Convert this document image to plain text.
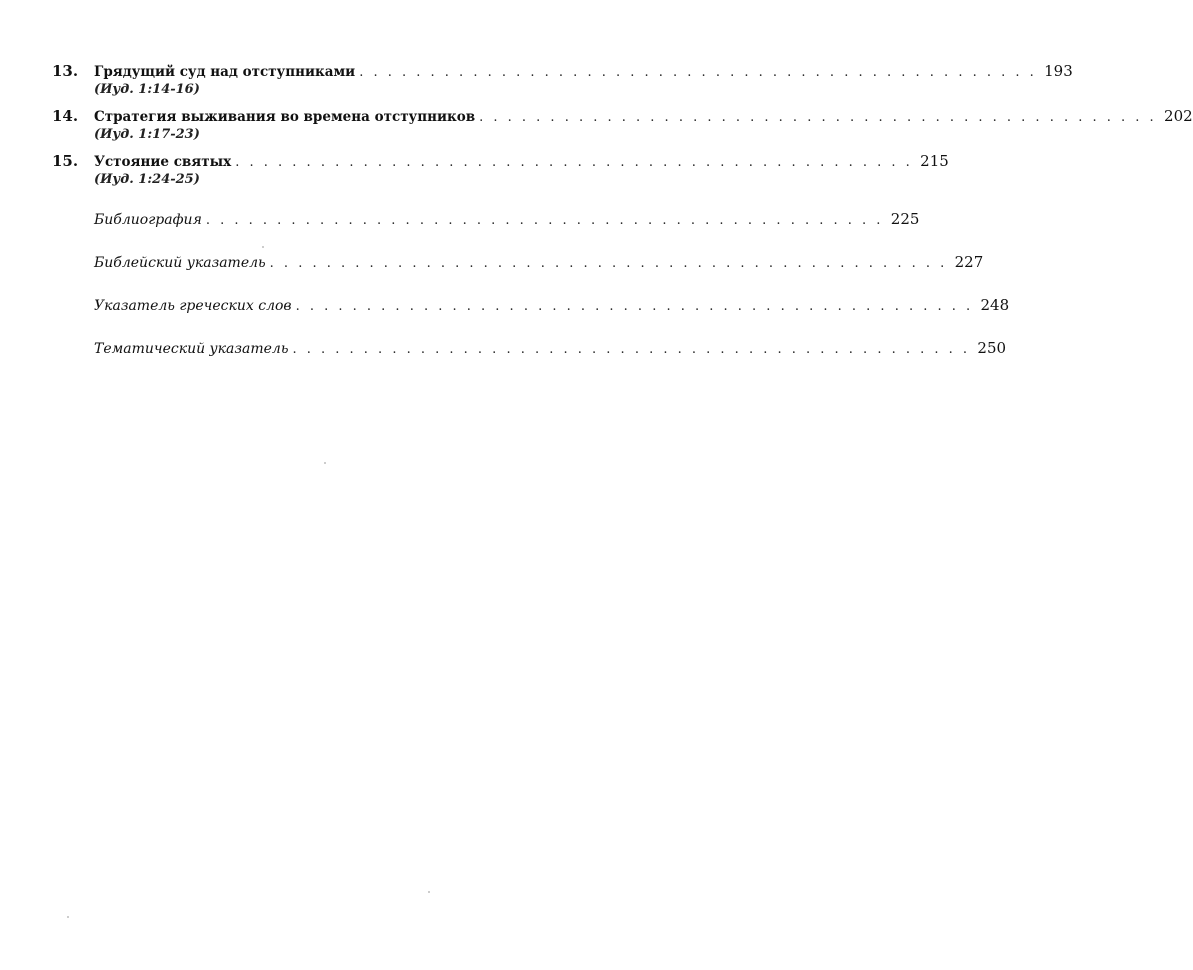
13.	Грядущий суд над отступниками . . . . . . . . . . . . . . . . . . . . . . . . . . . . . . . . . . . . . . . . . . . . . . . . 193
(Иуд. 1:14-16)
14.	Стратегия выживания во времена отступников . . . . . . . . . . . . . . . . . . . . . . . . . . . . . . . . . . . . . . . . . . . . . . . . 202
(Иуд. 1:17-23)
15.	Устояние святых . . . . . . . . . . . . . . . . . . . . . . . . . . . . . . . . . . . . . . . . . . . . . . . . 215
(Иуд. 1:24-25)
Библиография . . . . . . . . . . . . . . . . . . . . . . . . . . . . . . . . . . . . . . . . . . . . . . . . 225
Библейский указатель . . . . . . . . . . . . . . . . . . . . . . . . . . . . . . . . . . . . . . . . . . . . . . . . 227
Указатель греческих слов . . . . . . . . . . . . . . . . . . . . . . . . . . . . . . . . . . . . . . . . . . . . . . . . 248
Тематический указатель . . . . . . . . . . . . . . . . . . . . . . . . . . . . . . . . . . . . . . . . . . . . . . . . 250
